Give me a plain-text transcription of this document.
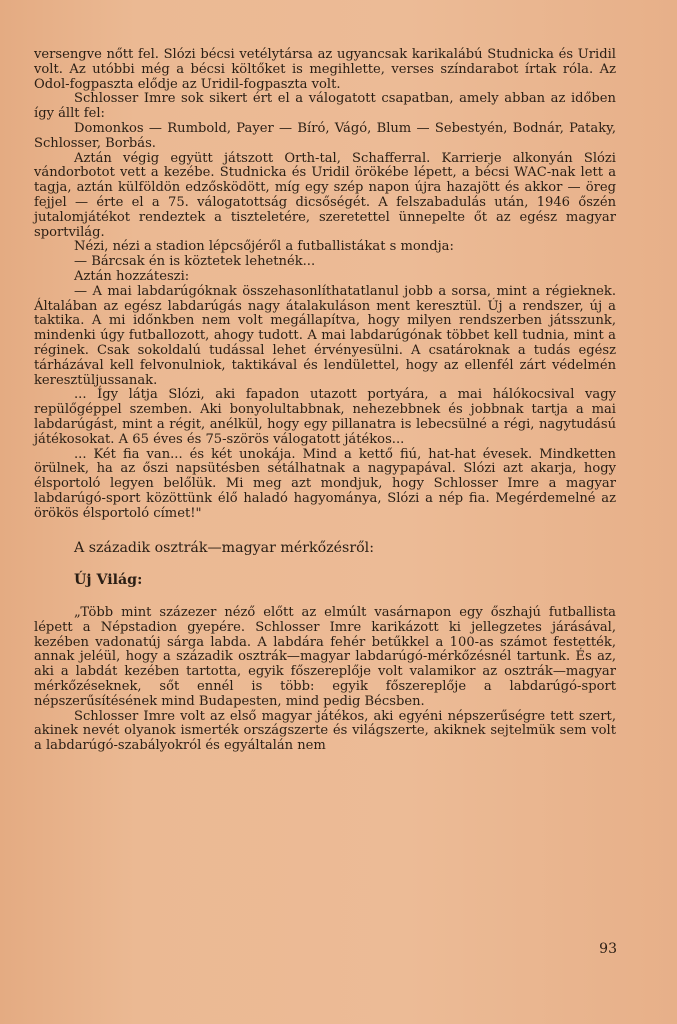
versengve nőtt fel. Slózi bécsi vetélytársa az ugyancsak karikalábú Studnicka és Uridil volt. Az utóbbi még a bécsi költőket is megihlette, verses színdarabot írtak róla. Az Odol-fogpaszta elődje az Uridil-fogpaszta volt.

Schlosser Imre sok sikert ért el a válogatott csapatban, amely abban az időben így állt fel:

Domonkos — Rumbold, Payer — Bíró, Vágó, Blum — Sebestyén, Bodnár, Pataky, Schlosser, Borbás.

Aztán végig együtt játszott Orth-tal, Schafferral. Karrierje alkonyán Slózi vándorbotot vett a kezébe. Studnicka és Uridil örökébe lépett, a bécsi WAC-nak lett a tagja, aztán külföldön edzősködött, míg egy szép napon újra hazajött és akkor — öreg fejjel — érte el a 75. válogatottság dicsőségét. A felszabadulás után, 1946 őszén jutalomjátékot rendeztek a tiszteletére, szeretettel ünnepelte őt az egész magyar sportvilág.

Nézi, nézi a stadion lépcsőjéről a futballistákat s mondja:

— Bárcsak én is köztetek lehetnék...

Aztán hozzáteszi:

— A mai labdarúgóknak összehasonlíthatatlanul jobb a sorsa, mint a régieknek. Általában az egész labdarúgás nagy átalakuláson ment keresztül. Új a rendszer, új a taktika. A mi időnkben nem volt megállapítva, hogy milyen rendszerben játsszunk, mindenki úgy futballozott, ahogy tudott. A mai labdarúgónak többet kell tudnia, mint a réginek. Csak sokoldalú tudással lehet érvényesülni. A csatároknak a tudás egész tárházával kell felvonulniok, taktikával és lendülettel, hogy az ellenfél zárt védelmén keresztüljussanak.

... Így látja Slózi, aki fapadon utazott portyára, a mai hálókocsival vagy repülőgéppel szemben. Aki bonyolultabbnak, nehezebbnek és jobbnak tartja a mai labdarúgást, mint a régit, anélkül, hogy egy pillanatra is lebecsülné a régi, nagytudású játékosokat. A 65 éves és 75-szörös válogatott játékos...

... Két fia van... és két unokája. Mind a kettő fiú, hat-hat évesek. Mindketten örülnek, ha az őszi napsütésben sétálhatnak a nagypapával. Slózi azt akarja, hogy élsportoló legyen belőlük. Mi meg azt mondjuk, hogy Schlosser Imre a magyar labdarúgó-sport közöttünk élő haladó hagyománya, Slózi a nép fia. Megérdemelné az örökös élsportoló címet!"

A századik osztrák—magyar mérkőzésről:

Új Világ:

„Több mint százezer néző előtt az elmúlt vasárnapon egy őszhajú futballista lépett a Népstadion gyepére. Schlosser Imre karikázott ki jellegzetes járásával, kezében vadonatúj sárga labda. A labdára fehér betűkkel a 100-as számot festették, annak jeléül, hogy a századik osztrák—magyar labdarúgó-mérkőzésnél tartunk. És az, aki a labdát kezében tartotta, egyik főszereplője volt valamikor az osztrák—magyar mérkőzéseknek, sőt ennél is több: egyik főszereplője a labdarúgó-sport népszerűsítésének mind Budapesten, mind pedig Bécsben.

Schlosser Imre volt az első magyar játékos, aki egyéni népszerűségre tett szert, akinek nevét olyanok ismerték országszerte és világszerte, akiknek sejtelmük sem volt a labdarúgó-szabályokról és egyáltalán nem

93
